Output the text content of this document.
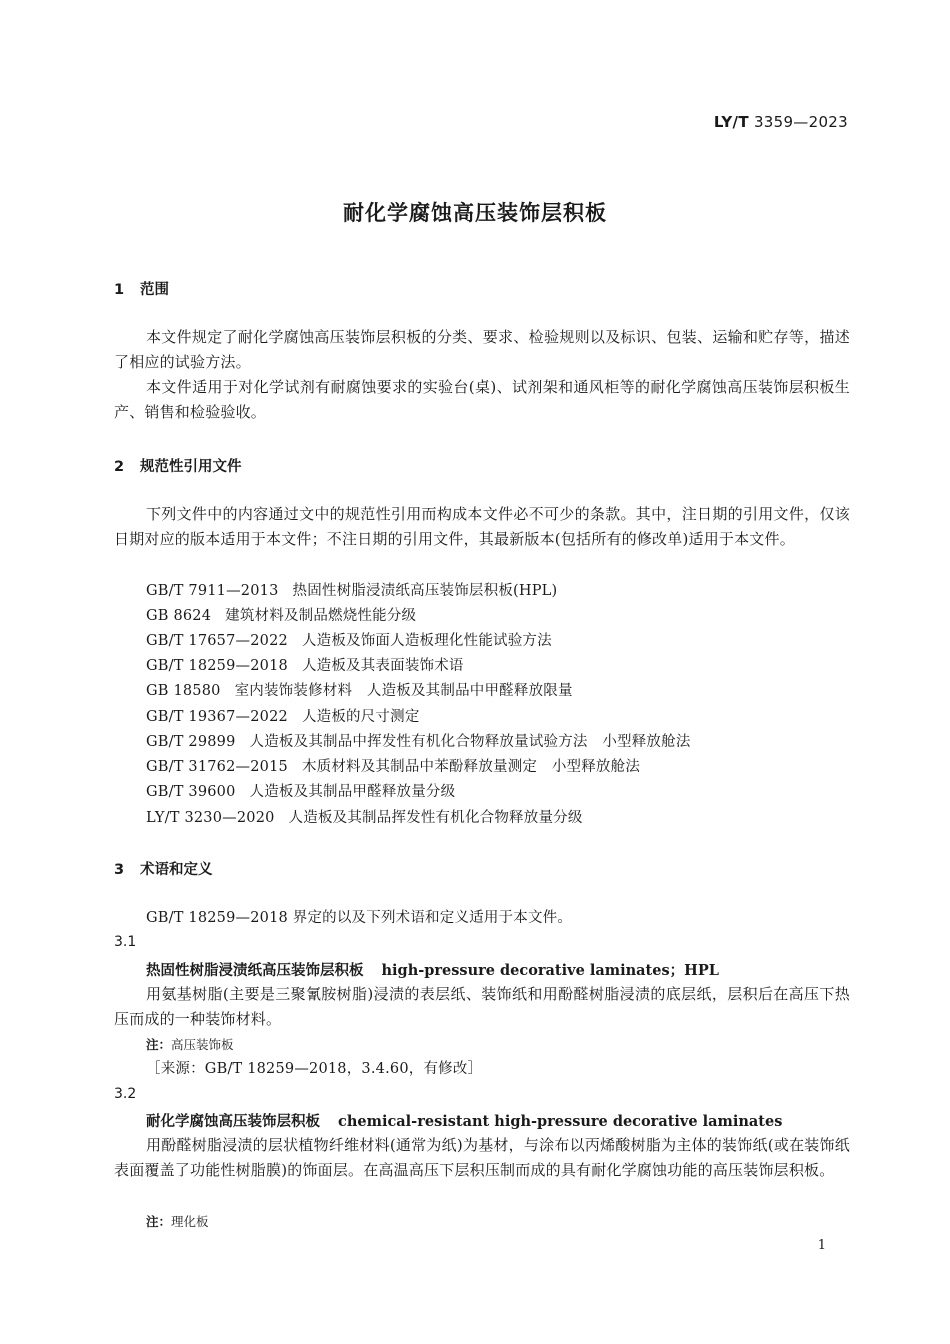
LY/T 3359—2023
耐化学腐蚀高压装饰层积板
1 范围
本文件规定了耐化学腐蚀高压装饰层积板的分类、要求、检验规则以及标识、包装、运输和贮存等，描述了相应的试验方法。
本文件适用于对化学试剂有耐腐蚀要求的实验台(桌)、试剂架和通风柜等的耐化学腐蚀高压装饰层积板生产、销售和检验验收。
2 规范性引用文件
下列文件中的内容通过文中的规范性引用而构成本文件必不可少的条款。其中，注日期的引用文件，仅该日期对应的版本适用于本文件；不注日期的引用文件，其最新版本(包括所有的修改单)适用于本文件。
GB/T 7911—2013 热固性树脂浸渍纸高压装饰层积板(HPL)
GB 8624 建筑材料及制品燃烧性能分级
GB/T 17657—2022 人造板及饰面人造板理化性能试验方法
GB/T 18259—2018 人造板及其表面装饰术语
GB 18580 室内装饰装修材料　人造板及其制品中甲醛释放限量
GB/T 19367—2022 人造板的尺寸测定
GB/T 29899 人造板及其制品中挥发性有机化合物释放量试验方法　小型释放舱法
GB/T 31762—2015 木质材料及其制品中苯酚释放量测定　小型释放舱法
GB/T 39600 人造板及其制品甲醛释放量分级
LY/T 3230—2020 人造板及其制品挥发性有机化合物释放量分级
3 术语和定义
GB/T 18259—2018 界定的以及下列术语和定义适用于本文件。
3.1
热固性树脂浸渍纸高压装饰层积板 high-pressure decorative laminates；HPL
用氨基树脂(主要是三聚氰胺树脂)浸渍的表层纸、装饰纸和用酚醛树脂浸渍的底层纸，层积后在高压下热压而成的一种装饰材料。
注：高压装饰板
［来源：GB/T 18259—2018，3.4.60，有修改］
3.2
耐化学腐蚀高压装饰层积板 chemical-resistant high-pressure decorative laminates
用酚醛树脂浸渍的层状植物纤维材料(通常为纸)为基材，与涂布以丙烯酸树脂为主体的装饰纸(或在装饰纸表面覆盖了功能性树脂膜)的饰面层。在高温高压下层积压制而成的具有耐化学腐蚀功能的高压装饰层积板。
注：理化板
1
